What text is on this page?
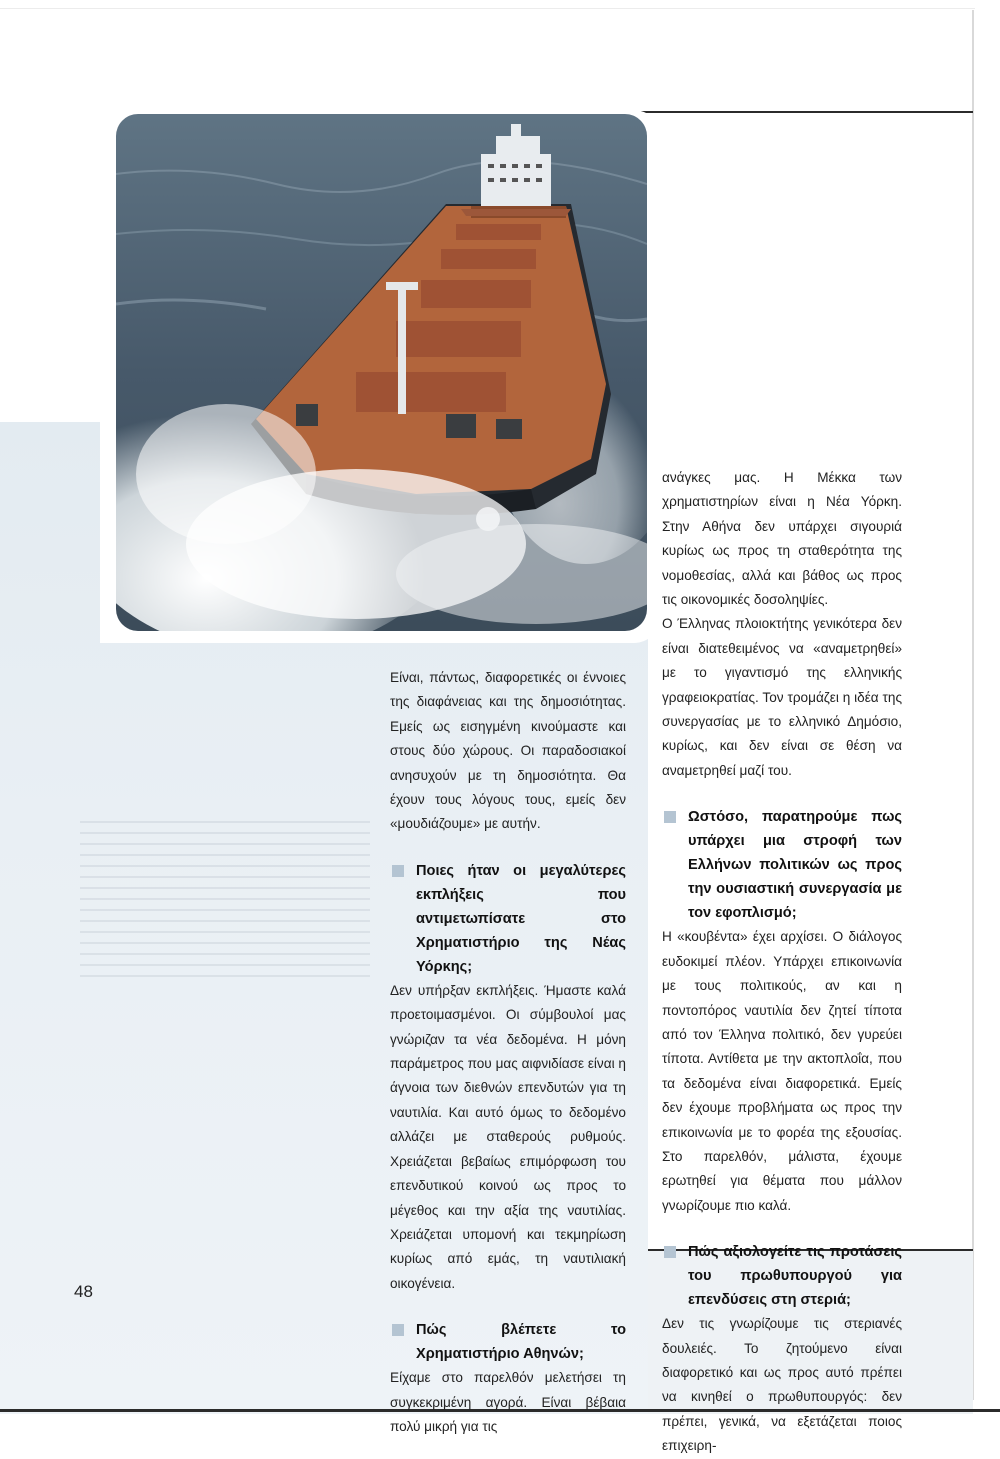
Είναι, πάντως, διαφορετικές οι έννοιες της διαφάνειας και της δημοσιότητας. Εμείς ως εισηγμένη κινούμαστε και στους δύο χώρους. Οι παραδοσιακοί ανησυχούν με τη δημοσιότητα. Θα έχουν τους λόγους τους, εμείς δεν «μουδιάζουμε» με αυτήν.

Ποιες ήταν οι μεγαλύτερες εκπλήξεις που αντιμετωπίσατε στο Χρηματιστήριο της Νέας Υόρκης;

Δεν υπήρξαν εκπλήξεις. Ήμαστε καλά προετοιμασμένοι. Οι σύμβουλοί μας γνώριζαν τα νέα δεδομένα. Η μόνη παράμετρος που μας αιφνιδίασε είναι η άγνοια των διεθνών επενδυτών για τη ναυτιλία. Και αυτό όμως το δεδομένο αλλάζει με σταθερούς ρυθμούς. Χρειάζεται βεβαίως επιμόρφωση του επενδυτικού κοινού ως προς το μέγεθος και την αξία της ναυτιλίας. Χρειάζεται υπομονή και τεκμηρίωση κυρίως από εμάς, τη ναυτιλιακή οικογένεια.

Πώς βλέπετε το Χρηματιστήριο Αθηνών;

Είχαμε στο παρελθόν μελετήσει τη συγκεκριμένη αγορά. Είναι βέβαια πολύ μικρή για τις

ανάγκες μας. Η Μέκκα των χρηματιστηρίων είναι η Νέα Υόρκη. Στην Αθήνα δεν υπάρχει σιγουριά κυρίως ως προς τη σταθερότητα της νομοθεσίας, αλλά και βάθος ως προς τις οικονομικές δοσοληψίες.

Ο Έλληνας πλοιοκτήτης γενικότερα δεν είναι διατεθειμένος να «αναμετρηθεί» με το γιγαντισμό της ελληνικής γραφειοκρατίας. Τον τρομάζει η ιδέα της συνεργασίας με το ελληνικό Δημόσιο, κυρίως, και δεν είναι σε θέση να αναμετρηθεί μαζί του.

Ωστόσο, παρατηρούμε πως υπάρχει μια στροφή των Ελλήνων πολιτικών ως προς την ουσιαστική συνεργασία με τον εφοπλισμό;

Η «κουβέντα» έχει αρχίσει. Ο διάλογος ευδοκιμεί πλέον. Υπάρχει επικοινωνία με τους πολιτικούς, αν και η ποντοπόρος ναυτιλία δεν ζητεί τίποτα από τον Έλληνα πολιτικό, δεν γυρεύει τίποτα. Αντίθετα με την ακτοπλοΐα, που τα δεδομένα είναι διαφορετικά. Εμείς δεν έχουμε προβλήματα ως προς την επικοινωνία με το φορέα της εξουσίας. Στο παρελθόν, μάλιστα, έχουμε ερωτηθεί για θέματα που μάλλον γνωρίζουμε πιο καλά.

Πώς αξιολογείτε τις προτάσεις του πρωθυπουργού για επενδύσεις στη στεριά;

Δεν τις γνωρίζουμε τις στεριανές δουλειές. Το ζητούμενο είναι διαφορετικό και ως προς αυτό πρέπει να κινηθεί ο πρωθυπουργός: δεν πρέπει, γενικά, να εξετάζεται ποιος επιχειρη-

48
